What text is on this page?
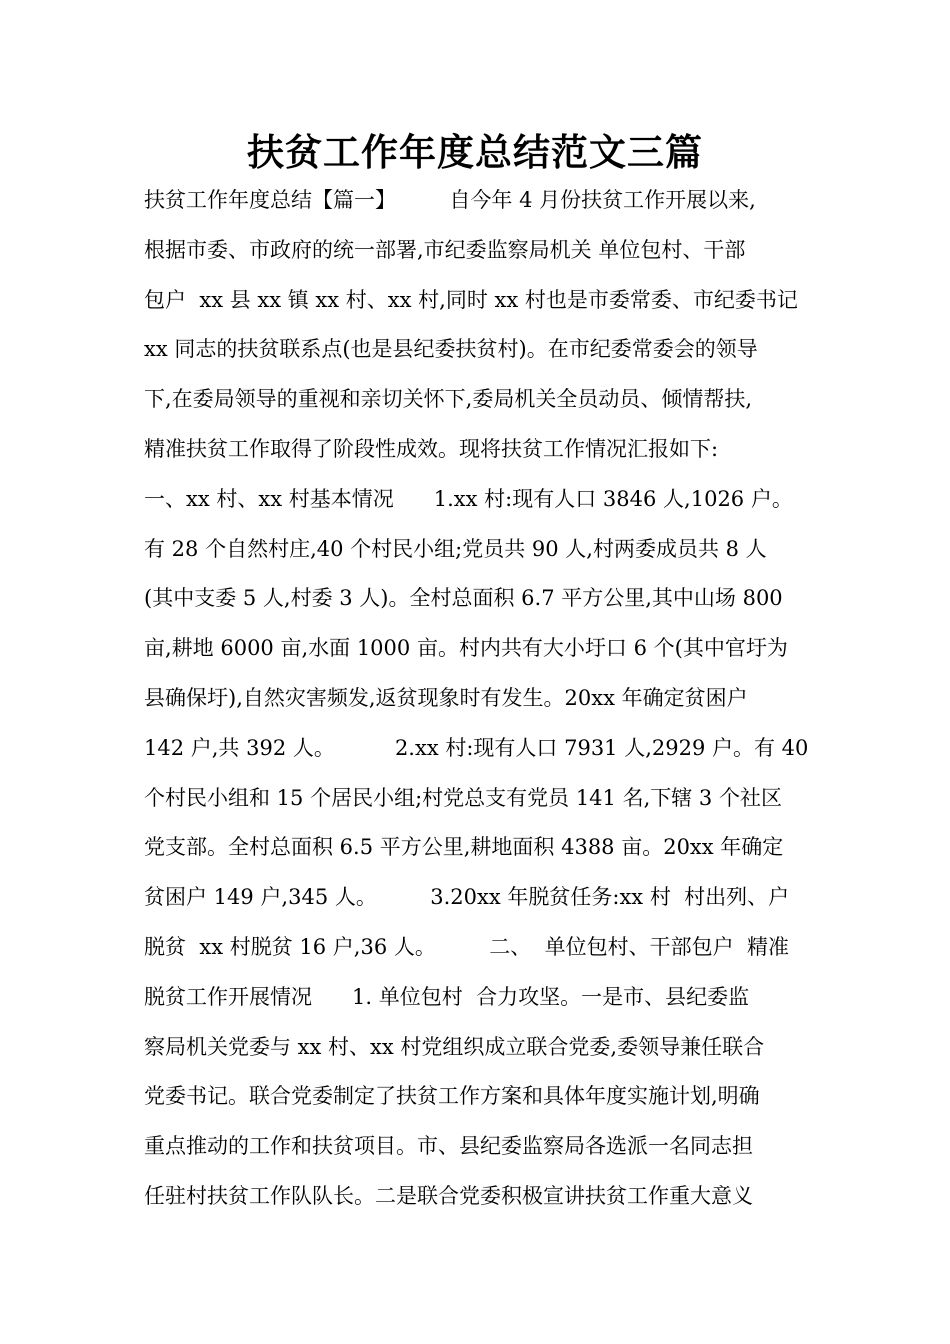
扶贫工作年度总结范文三篇
扶贫工作年度总结【篇一】        自今年 4 月份扶贫工作开展以来,
根据市委、市政府的统一部署,市纪委监察局机关 单位包村、干部
包户  xx 县 xx 镇 xx 村、xx 村,同时 xx 村也是市委常委、市纪委书记
xx 同志的扶贫联系点(也是县纪委扶贫村)。在市纪委常委会的领导
下,在委局领导的重视和亲切关怀下,委局机关全员动员、倾情帮扶,
精准扶贫工作取得了阶段性成效。现将扶贫工作情况汇报如下:
一、xx 村、xx 村基本情况      1.xx 村:现有人口 3846 人,1026 户。
有 28 个自然村庄,40 个村民小组;党员共 90 人,村两委成员共 8 人
(其中支委 5 人,村委 3 人)。全村总面积 6.7 平方公里,其中山场 800
亩,耕地 6000 亩,水面 1000 亩。村内共有大小圩口 6 个(其中官圩为
县确保圩),自然灾害频发,返贫现象时有发生。20xx 年确定贫困户
142 户,共 392 人。         2.xx 村:现有人口 7931 人,2929 户。有 40
个村民小组和 15 个居民小组;村党总支有党员 141 名,下辖 3 个社区
党支部。全村总面积 6.5 平方公里,耕地面积 4388 亩。20xx 年确定
贫困户 149 户,345 人。        3.20xx 年脱贫任务:xx 村  村出列、户
脱贫  xx 村脱贫 16 户,36 人。        二、  单位包村、干部包户  精准
脱贫工作开展情况      1. 单位包村  合力攻坚。一是市、县纪委监
察局机关党委与 xx 村、xx 村党组织成立联合党委,委领导兼任联合
党委书记。联合党委制定了扶贫工作方案和具体年度实施计划,明确
重点推动的工作和扶贫项目。市、县纪委监察局各选派一名同志担
任驻村扶贫工作队队长。二是联合党委积极宣讲扶贫工作重大意义
